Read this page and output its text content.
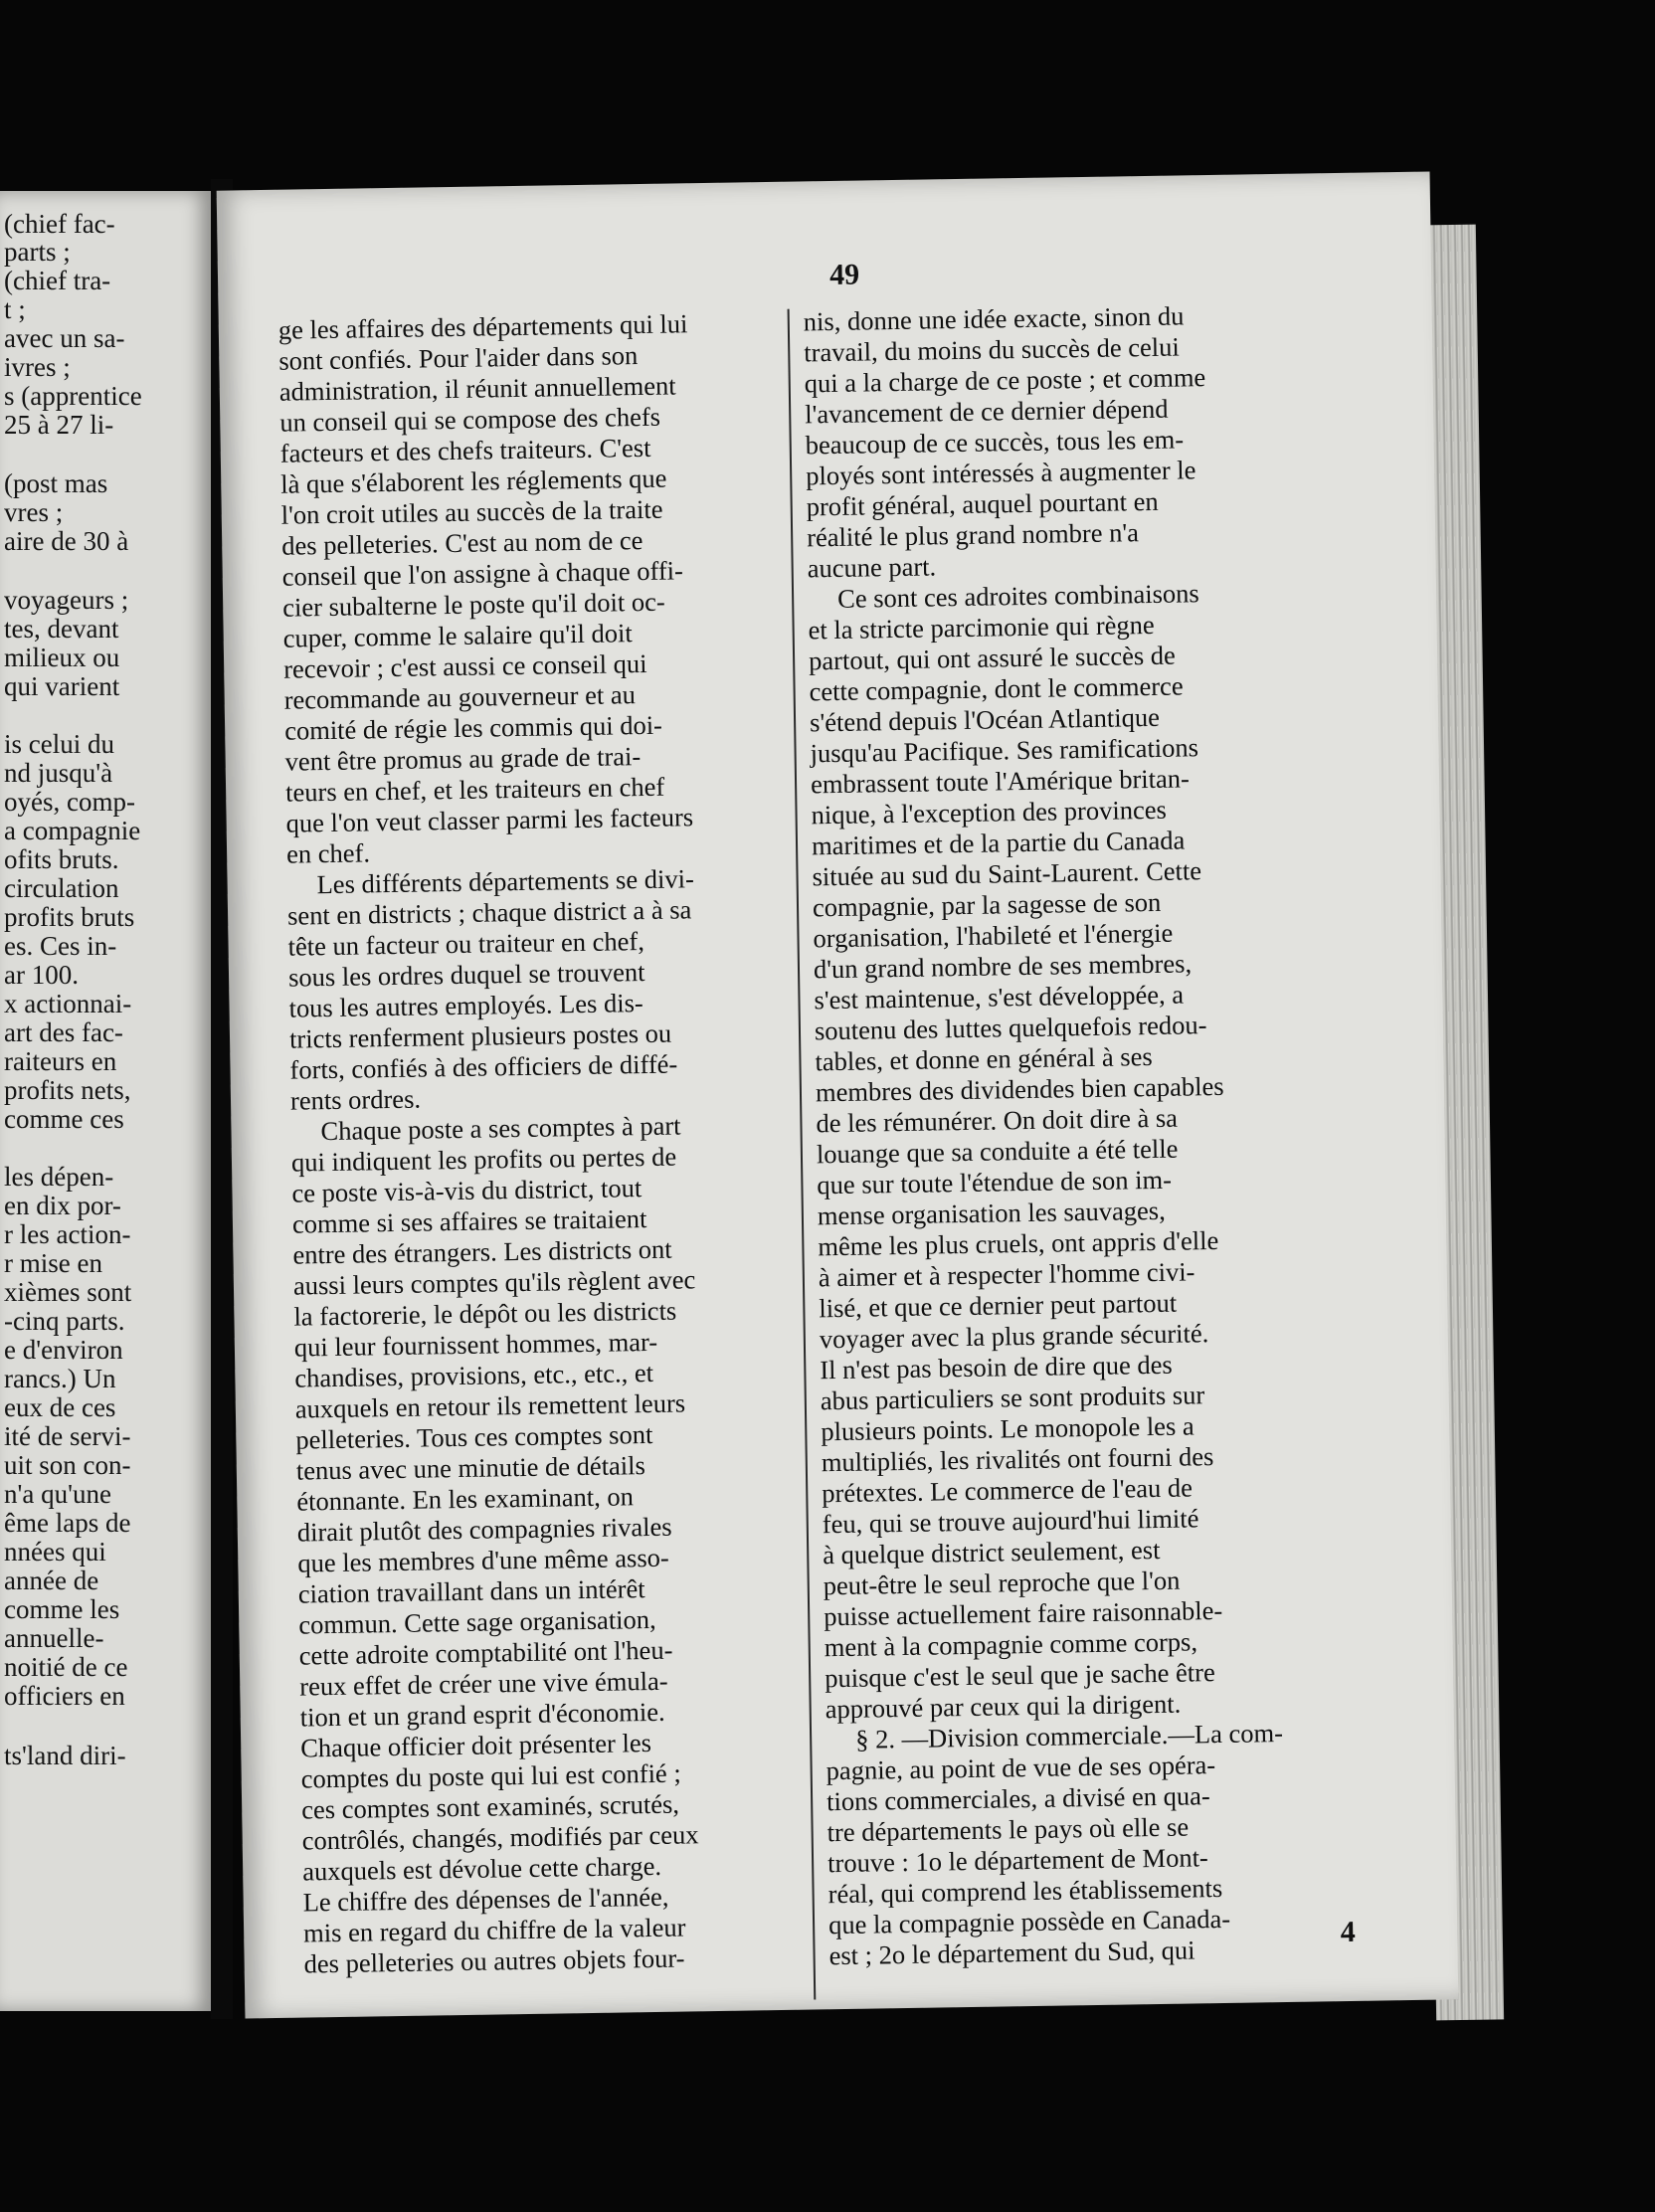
(chief fac-
parts ;
(chief tra-
t ;
avec un sa-
ivres ;
s (apprentice
25 à 27 li-
(post mas
vres ;
aire de 30 à
voyageurs ;
tes, devant
milieux ou
qui varient
is celui du
nd jusqu'à
oyés, comp-
a compagnie
ofits bruts.
circulation
profits bruts
es. Ces in-
ar 100.
x actionnai-
art des fac-
raiteurs en
profits nets,
comme ces
les dépen-
en dix por-
r les action-
r mise en
xièmes sont
-cinq parts.
e d'environ
rancs.) Un
eux de ces
ité de servi-
uit son con-
n'a qu'une
ême laps de
nnées qui
année de
comme les
annuelle-
noitié de ce
officiers en
ts'land diri-
49
ge les affaires des départements qui lui
sont confiés. Pour l'aider dans son
administration, il réunit annuellement
un conseil qui se compose des chefs
facteurs et des chefs traiteurs. C'est
là que s'élaborent les réglements que
l'on croit utiles au succès de la traite
des pelleteries. C'est au nom de ce
conseil que l'on assigne à chaque offi-
cier subalterne le poste qu'il doit oc-
cuper, comme le salaire qu'il doit
recevoir ; c'est aussi ce conseil qui
recommande au gouverneur et au
comité de régie les commis qui doi-
vent être promus au grade de trai-
teurs en chef, et les traiteurs en chef
que l'on veut classer parmi les facteurs
en chef.
Les différents départements se divi-
sent en districts ; chaque district a à sa
tête un facteur ou traiteur en chef,
sous les ordres duquel se trouvent
tous les autres employés. Les dis-
tricts renferment plusieurs postes ou
forts, confiés à des officiers de diffé-
rents ordres.
Chaque poste a ses comptes à part
qui indiquent les profits ou pertes de
ce poste vis-à-vis du district, tout
comme si ses affaires se traitaient
entre des étrangers. Les districts ont
aussi leurs comptes qu'ils règlent avec
la factorerie, le dépôt ou les districts
qui leur fournissent hommes, mar-
chandises, provisions, etc., etc., et
auxquels en retour ils remettent leurs
pelleteries. Tous ces comptes sont
tenus avec une minutie de détails
étonnante. En les examinant, on
dirait plutôt des compagnies rivales
que les membres d'une même asso-
ciation travaillant dans un intérêt
commun. Cette sage organisation,
cette adroite comptabilité ont l'heu-
reux effet de créer une vive émula-
tion et un grand esprit d'économie.
Chaque officier doit présenter les
comptes du poste qui lui est confié ;
ces comptes sont examinés, scrutés,
contrôlés, changés, modifiés par ceux
auxquels est dévolue cette charge.
Le chiffre des dépenses de l'année,
mis en regard du chiffre de la valeur
des pelleteries ou autres objets four-
nis, donne une idée exacte, sinon du
travail, du moins du succès de celui
qui a la charge de ce poste ; et comme
l'avancement de ce dernier dépend
beaucoup de ce succès, tous les em-
ployés sont intéressés à augmenter le
profit général, auquel pourtant en
réalité le plus grand nombre n'a
aucune part.
Ce sont ces adroites combinaisons
et la stricte parcimonie qui règne
partout, qui ont assuré le succès de
cette compagnie, dont le commerce
s'étend depuis l'Océan Atlantique
jusqu'au Pacifique. Ses ramifications
embrassent toute l'Amérique britan-
nique, à l'exception des provinces
maritimes et de la partie du Canada
située au sud du Saint-Laurent. Cette
compagnie, par la sagesse de son
organisation, l'habileté et l'énergie
d'un grand nombre de ses membres,
s'est maintenue, s'est développée, a
soutenu des luttes quelquefois redou-
tables, et donne en général à ses
membres des dividendes bien capables
de les rémunérer. On doit dire à sa
louange que sa conduite a été telle
que sur toute l'étendue de son im-
mense organisation les sauvages,
même les plus cruels, ont appris d'elle
à aimer et à respecter l'homme civi-
lisé, et que ce dernier peut partout
voyager avec la plus grande sécurité.
Il n'est pas besoin de dire que des
abus particuliers se sont produits sur
plusieurs points. Le monopole les a
multipliés, les rivalités ont fourni des
prétextes. Le commerce de l'eau de
feu, qui se trouve aujourd'hui limité
à quelque district seulement, est
peut-être le seul reproche que l'on
puisse actuellement faire raisonnable-
ment à la compagnie comme corps,
puisque c'est le seul que je sache être
approuvé par ceux qui la dirigent.
§ 2. —Division commerciale.—La com-
pagnie, au point de vue de ses opéra-
tions commerciales, a divisé en qua-
tre départements le pays où elle se
trouve : 1o le département de Mont-
réal, qui comprend les établissements
que la compagnie possède en Canada-
est ; 2o le département du Sud, qui
4
